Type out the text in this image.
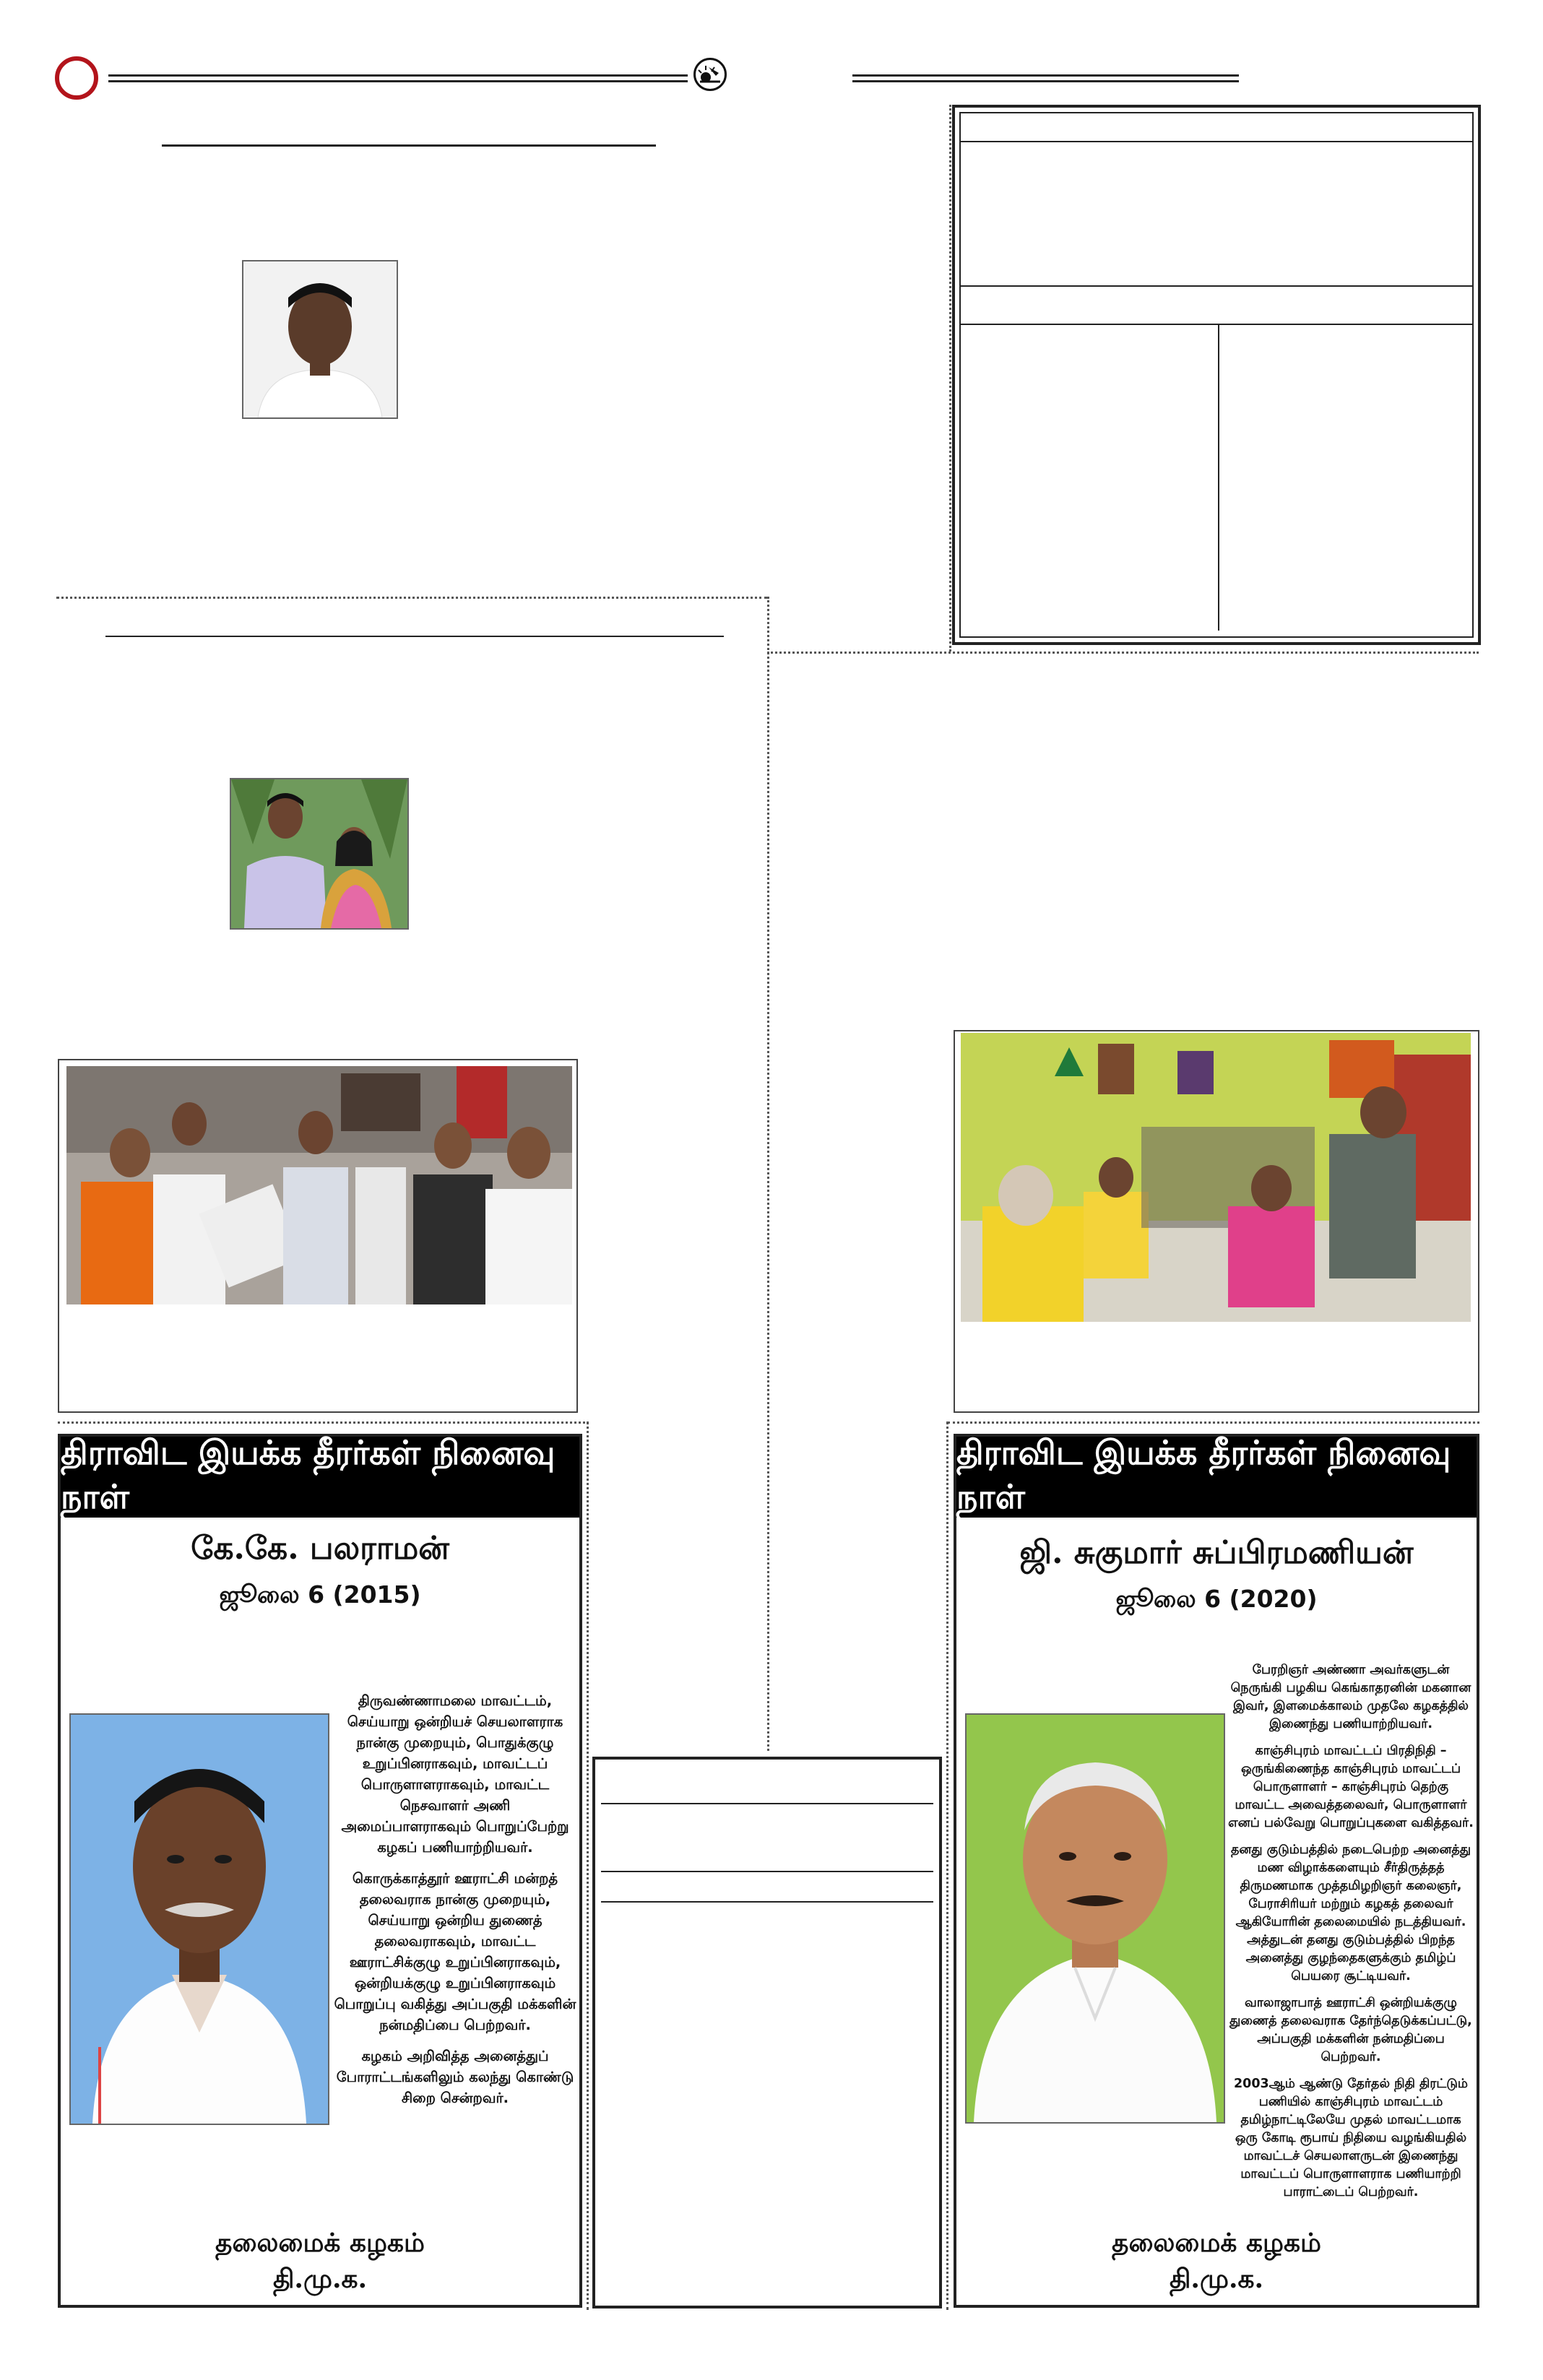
திராவிட இயக்க தீரர்கள் நினைவு நாள்
கே.கே. பலராமன்
ஜூலை 6 (2015)

திருவண்ணாமலை மாவட்டம், செய்யாறு ஒன்றியச் செயலாளராக நான்கு முறையும், பொதுக்குழு உறுப்பினராகவும், மாவட்டப் பொருளாளராகவும், மாவட்ட நெசவாளர் அணி அமைப்பாளராகவும் பொறுப்பேற்று கழகப் பணியாற்றியவர்.

கொருக்காத்தூர் ஊராட்சி மன்றத் தலைவராக நான்கு முறையும், செய்யாறு ஒன்றிய துணைத் தலைவராகவும், மாவட்ட ஊராட்சிக்குழு உறுப்பினராகவும், ஒன்றியக்குழு உறுப்பினராகவும் பொறுப்பு வகித்து அப்பகுதி மக்களின் நன்மதிப்பை பெற்றவர்.

கழகம் அறிவித்த அனைத்துப் போராட்டங்களிலும் கலந்து கொண்டு சிறை சென்றவர்.

தலைமைக் கழகம்
தி.மு.க.
திராவிட இயக்க தீரர்கள் நினைவு நாள்
ஜி. சுகுமார் சுப்பிரமணியன்
ஜூலை 6 (2020)

பேரறிஞர் அண்ணா அவர்களுடன் நெருங்கி பழகிய கெங்காதரனின் மகனான இவர், இளமைக்காலம் முதலே கழகத்தில் இணைந்து பணியாற்றியவர்.

காஞ்சிபுரம் மாவட்டப் பிரதிநிதி – ஒருங்கிணைந்த காஞ்சிபுரம் மாவட்டப் பொருளாளர் – காஞ்சிபுரம் தெற்கு மாவட்ட அவைத்தலைவர், பொருளாளர் எனப் பல்வேறு பொறுப்புகளை வகித்தவர்.

தனது குடும்பத்தில் நடைபெற்ற அனைத்து மண விழாக்களையும் சீர்திருத்தத் திருமணமாக முத்தமிழறிஞர் கலைஞர், பேராசிரியர் மற்றும் கழகத் தலைவர் ஆகியோரின் தலைமையில் நடத்தியவர். அத்துடன் தனது குடும்பத்தில் பிறந்த அனைத்து குழந்தைகளுக்கும் தமிழ்ப் பெயரை சூட்டியவர்.

வாலாஜாபாத் ஊராட்சி ஒன்றியக்குழு துணைத் தலைவராக தேர்ந்தெடுக்கப்பட்டு, அப்பகுதி மக்களின் நன்மதிப்பை பெற்றவர்.

2003ஆம் ஆண்டு தேர்தல் நிதி திரட்டும் பணியில் காஞ்சிபுரம் மாவட்டம் தமிழ்நாட்டிலேயே முதல் மாவட்டமாக ஒரு கோடி ரூபாய் நிதியை வழங்கியதில் மாவட்டச் செயலாளருடன் இணைந்து மாவட்டப் பொருளாளராக பணியாற்றி பாராட்டைப் பெற்றவர்.

தலைமைக் கழகம்
தி.மு.க.
